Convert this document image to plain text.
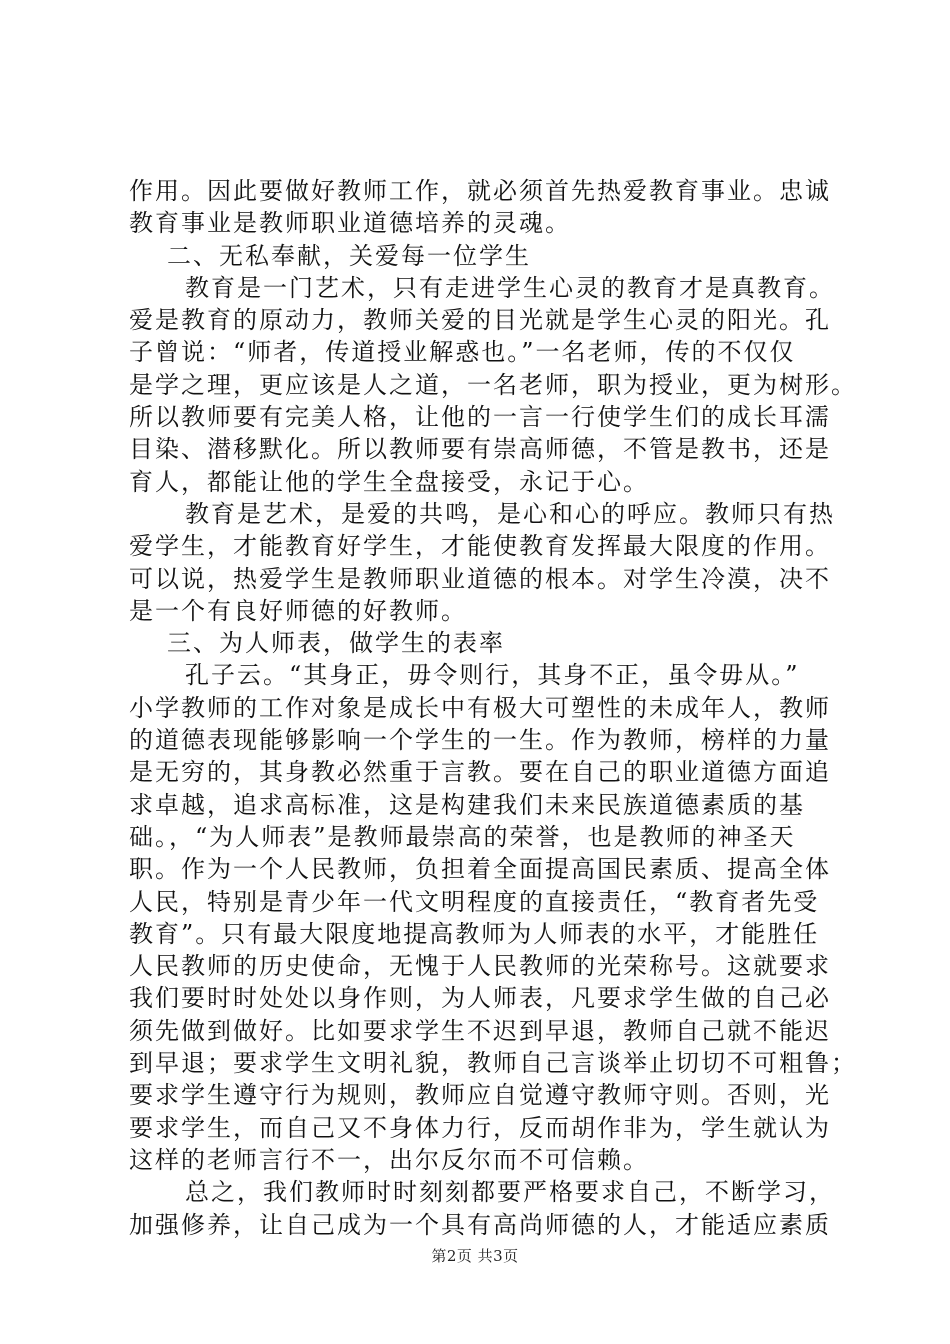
作用。因此要做好教师工作，就必须首先热爱教育事业。忠诚
教育事业是教师职业道德培养的灵魂。
二、无私奉献，关爱每一位学生
教育是一门艺术，只有走进学生心灵的教育才是真教育。
爱是教育的原动力，教师关爱的目光就是学生心灵的阳光。孔
子曾说：“师者，传道授业解惑也。”一名老师，传的不仅仅
是学之理，更应该是人之道，一名老师，职为授业，更为树形。
所以教师要有完美人格，让他的一言一行使学生们的成长耳濡
目染、潜移默化。所以教师要有崇高师德，不管是教书，还是
育人，都能让他的学生全盘接受，永记于心。
教育是艺术，是爱的共鸣，是心和心的呼应。教师只有热
爱学生，才能教育好学生，才能使教育发挥最大限度的作用。
可以说，热爱学生是教师职业道德的根本。对学生冷漠，决不
是一个有良好师德的好教师。
三、为人师表，做学生的表率
孔子云。“其身正，毋令则行，其身不正，虽令毋从。”
小学教师的工作对象是成长中有极大可塑性的未成年人，教师
的道德表现能够影响一个学生的一生。作为教师，榜样的力量
是无穷的，其身教必然重于言教。要在自己的职业道德方面追
求卓越，追求高标准，这是构建我们未来民族道德素质的基
础。，“为人师表”是教师最崇高的荣誉，也是教师的神圣天
职。作为一个人民教师，负担着全面提高国民素质、提高全体
人民，特别是青少年一代文明程度的直接责任，“教育者先受
教育”。只有最大限度地提高教师为人师表的水平，才能胜任
人民教师的历史使命，无愧于人民教师的光荣称号。这就要求
我们要时时处处以身作则，为人师表，凡要求学生做的自己必
须先做到做好。比如要求学生不迟到早退，教师自己就不能迟
到早退；要求学生文明礼貌，教师自己言谈举止切切不可粗鲁；
要求学生遵守行为规则，教师应自觉遵守教师守则。否则，光
要求学生，而自己又不身体力行，反而胡作非为，学生就认为
这样的老师言行不一，出尔反尔而不可信赖。
总之，我们教师时时刻刻都要严格要求自己，不断学习，
加强修养，让自己成为一个具有高尚师德的人，才能适应素质
第2页 共3页
